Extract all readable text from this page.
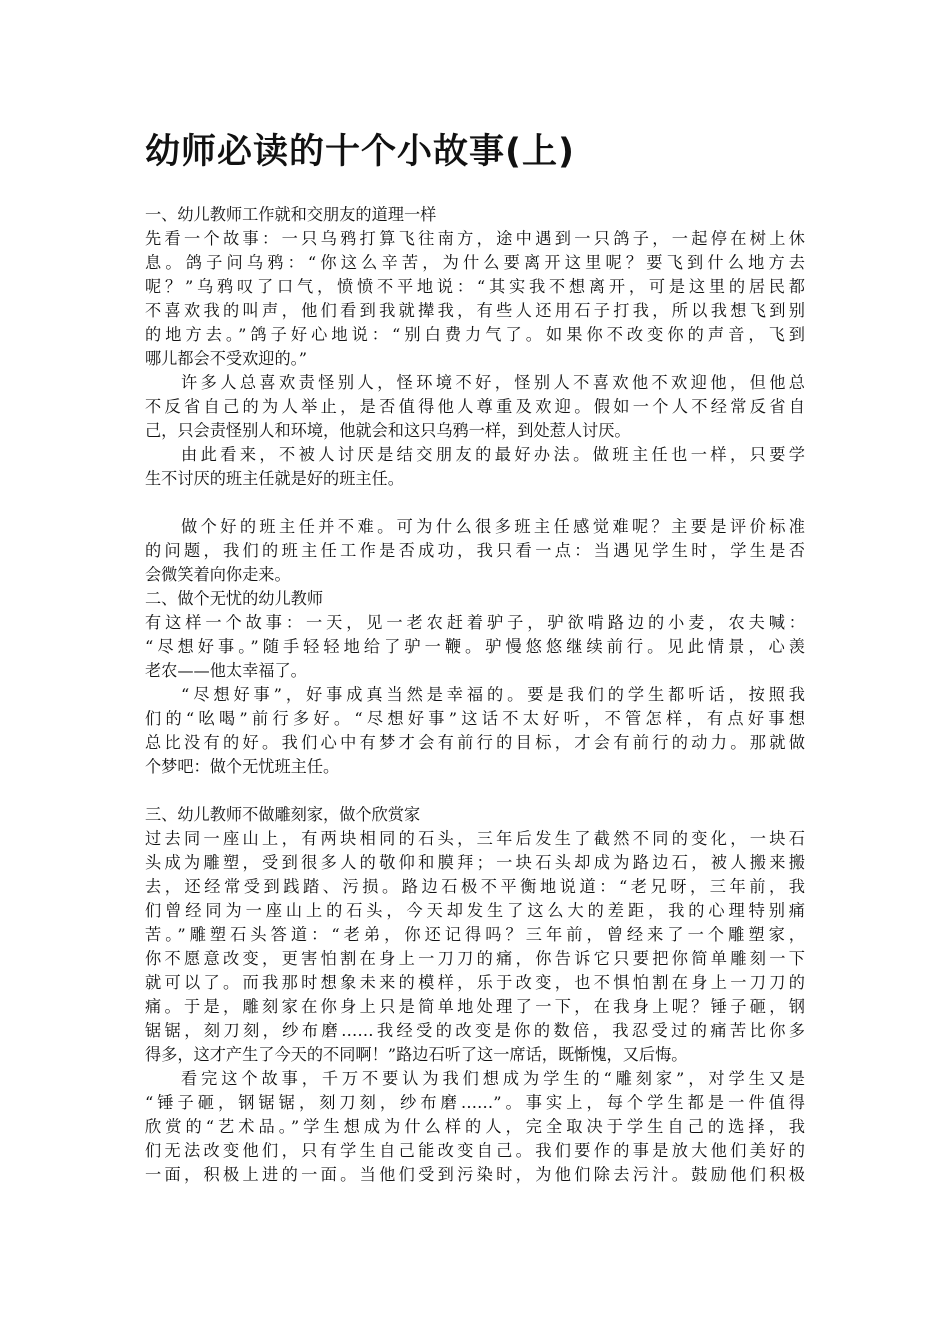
幼师必读的十个小故事(上)
一、幼儿教师工作就和交朋友的道理一样
先看一个故事：一只乌鸦打算飞往南方，途中遇到一只鸽子，一起停在树上休
息。鸽子问乌鸦：“你这么辛苦，为什么要离开这里呢？要飞到什么地方去
呢？”乌鸦叹了口气，愤愤不平地说：“其实我不想离开，可是这里的居民都
不喜欢我的叫声，他们看到我就撵我，有些人还用石子打我，所以我想飞到别
的地方去。”鸽子好心地说：“别白费力气了。如果你不改变你的声音，飞到
哪儿都会不受欢迎的。”
许多人总喜欢责怪别人，怪环境不好，怪别人不喜欢他不欢迎他，但他总
不反省自己的为人举止，是否值得他人尊重及欢迎。假如一个人不经常反省自
己，只会责怪别人和环境，他就会和这只乌鸦一样，到处惹人讨厌。
由此看来，不被人讨厌是结交朋友的最好办法。做班主任也一样，只要学
生不讨厌的班主任就是好的班主任。
做个好的班主任并不难。可为什么很多班主任感觉难呢？主要是评价标准
的问题，我们的班主任工作是否成功，我只看一点：当遇见学生时，学生是否
会微笑着向你走来。
二、做个无忧的幼儿教师
有这样一个故事：一天，见一老农赶着驴子，驴欲啃路边的小麦，农夫喊：
“尽想好事。”随手轻轻地给了驴一鞭。驴慢悠悠继续前行。见此情景，心羡
老农——他太幸福了。
“尽想好事”，好事成真当然是幸福的。要是我们的学生都听话，按照我
们的“吆喝”前行多好。“尽想好事”这话不太好听，不管怎样，有点好事想
总比没有的好。我们心中有梦才会有前行的目标，才会有前行的动力。那就做
个梦吧：做个无忧班主任。
三、幼儿教师不做雕刻家，做个欣赏家
过去同一座山上，有两块相同的石头，三年后发生了截然不同的变化，一块石
头成为雕塑，受到很多人的敬仰和膜拜；一块石头却成为路边石，被人搬来搬
去，还经常受到践踏、污损。路边石极不平衡地说道：“老兄呀，三年前，我
们曾经同为一座山上的石头，今天却发生了这么大的差距，我的心理特别痛
苦。”雕塑石头答道：“老弟，你还记得吗？三年前，曾经来了一个雕塑家，
你不愿意改变，更害怕割在身上一刀刀的痛，你告诉它只要把你简单雕刻一下
就可以了。而我那时想象未来的模样，乐于改变，也不惧怕割在身上一刀刀的
痛。于是，雕刻家在你身上只是简单地处理了一下，在我身上呢？锤子砸，钢
锯锯，刻刀刻，纱布磨……我经受的改变是你的数倍，我忍受过的痛苦比你多
得多，这才产生了今天的不同啊！”路边石听了这一席话，既惭愧，又后悔。
看完这个故事，千万不要认为我们想成为学生的“雕刻家”，对学生又是
“锤子砸，钢锯锯，刻刀刻，纱布磨……”。事实上，每个学生都是一件值得
欣赏的“艺术品。”学生想成为什么样的人，完全取决于学生自己的选择，我
们无法改变他们，只有学生自己能改变自己。我们要作的事是放大他们美好的
一面，积极上进的一面。当他们受到污染时，为他们除去污汁。鼓励他们积极
